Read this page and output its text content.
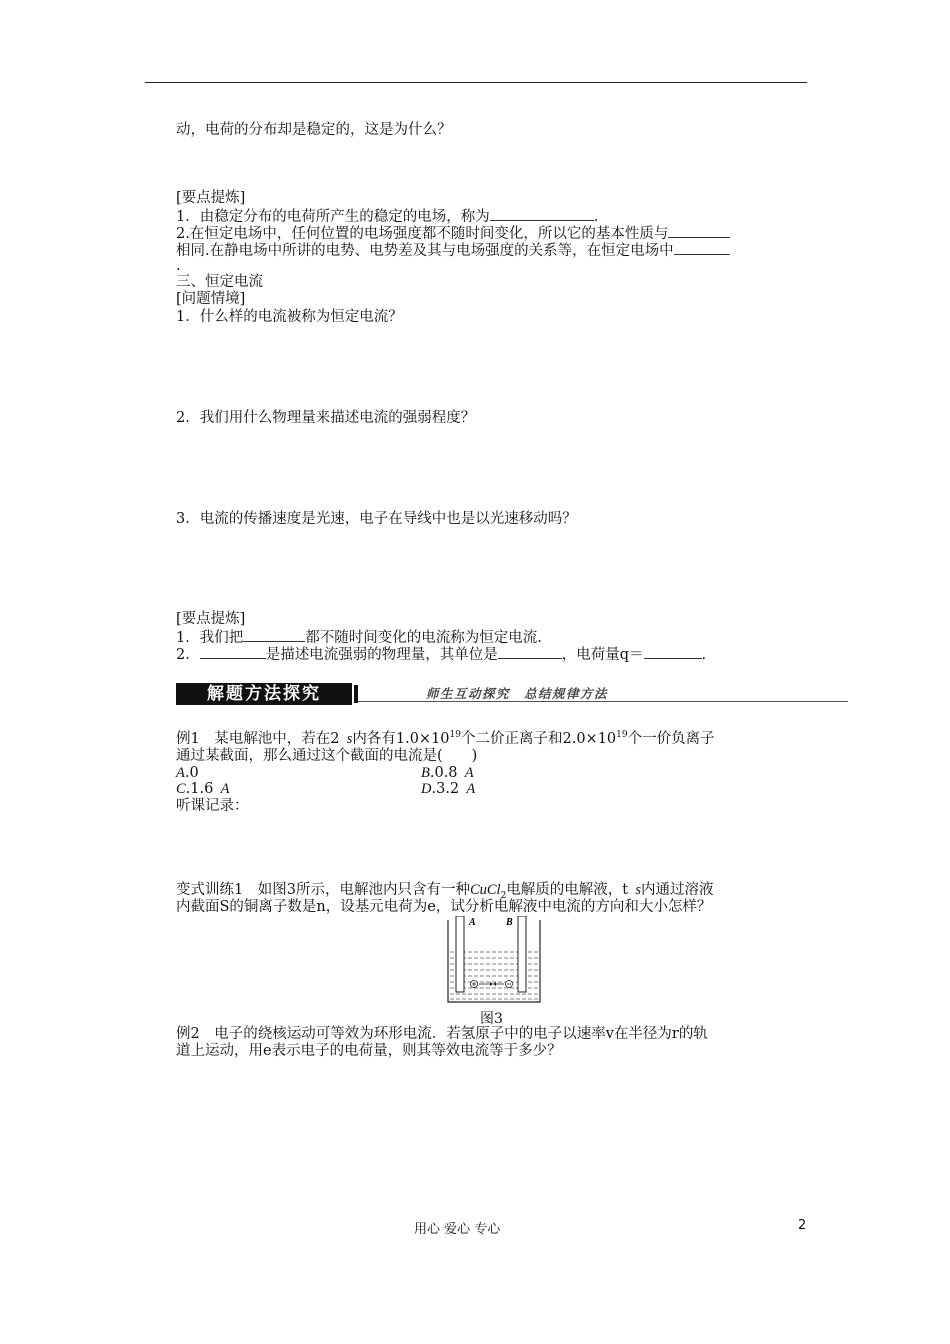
动，电荷的分布却是稳定的，这是为什么？
[要点提炼]
1．由稳定分布的电荷所产生的稳定的电场，称为	.
2.在恒定电场中，任何位置的电场强度都不随时间变化，所以它的基本性质与
相同.在静电场中所讲的电势、电势差及其与电场强度的关系等，在恒定电场中
.
三、恒定电流
[问题情境]
1．什么样的电流被称为恒定电流？
2．我们用什么物理量来描述电流的强弱程度？
3．电流的传播速度是光速，电子在导线中也是以光速移动吗？
[要点提炼]
1．我们把	都不随时间变化的电流称为恒定电流.
2．	是描述电流强弱的物理量，其单位是	，电荷量q＝	.
解题方法探究	师生互动探究　总结规律方法
例1　某电解池中，若在2  s内各有$1.0\times 10^{19}$个二价正离子和$2.0\times 10^{19}$个一价负离子
通过某截面，那么通过这个截面的电流是(　　)
A.0	B.0.8  A
C.1.6  A	D.3.2  A
听课记录：
变式训练1　如图3所示，电解池内只含有一种CuCl$_2$电解质的电解液，t  s内通过溶液
内截面S的铜离子数是n，设基元电荷为e，试分析电解液中电流的方向和大小怎样？
A	B
图3
例2　电子的绕核运动可等效为环形电流．若氢原子中的电子以速率v在半径为r的轨
道上运动，用e表示电子的电荷量，则其等效电流等于多少？
用心 爱心 专心	2
